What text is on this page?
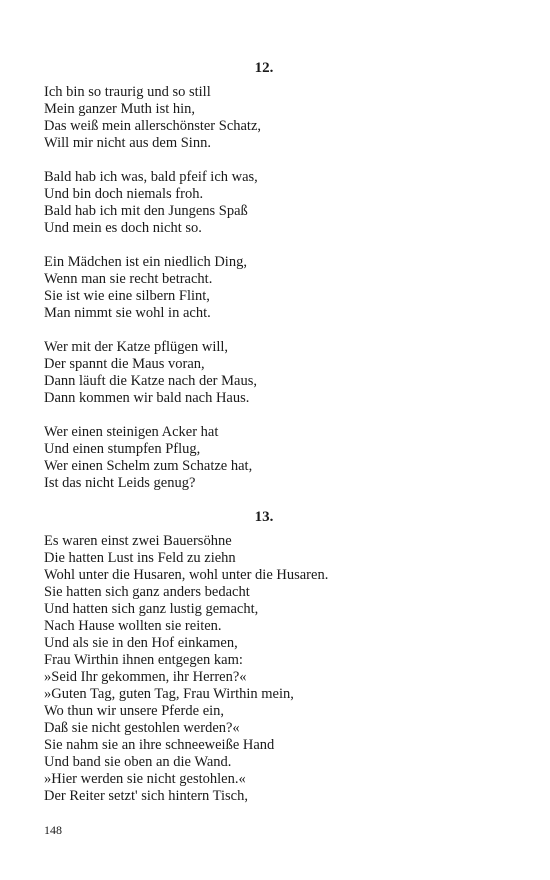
12.
Ich bin so traurig und so still
Mein ganzer Muth ist hin,
Das weiß mein allerschönster Schatz,
Will mir nicht aus dem Sinn.
Bald hab ich was, bald pfeif ich was,
Und bin doch niemals froh.
Bald hab ich mit den Jungens Spaß
Und mein es doch nicht so.
Ein Mädchen ist ein niedlich Ding,
Wenn man sie recht betracht.
Sie ist wie eine silbern Flint,
Man nimmt sie wohl in acht.
Wer mit der Katze pflügen will,
Der spannt die Maus voran,
Dann läuft die Katze nach der Maus,
Dann kommen wir bald nach Haus.
Wer einen steinigen Acker hat
Und einen stumpfen Pflug,
Wer einen Schelm zum Schatze hat,
Ist das nicht Leids genug?
13.
Es waren einst zwei Bauersöhne
Die hatten Lust ins Feld zu ziehn
Wohl unter die Husaren, wohl unter die Husaren.
Sie hatten sich ganz anders bedacht
Und hatten sich ganz lustig gemacht,
Nach Hause wollten sie reiten.
Und als sie in den Hof einkamen,
Frau Wirthin ihnen entgegen kam:
»Seid Ihr gekommen, ihr Herren?«
»Guten Tag, guten Tag, Frau Wirthin mein,
Wo thun wir unsere Pferde ein,
Daß sie nicht gestohlen werden?«
Sie nahm sie an ihre schneeweiße Hand
Und band sie oben an die Wand.
»Hier werden sie nicht gestohlen.«
Der Reiter setzt' sich hintern Tisch,
148
